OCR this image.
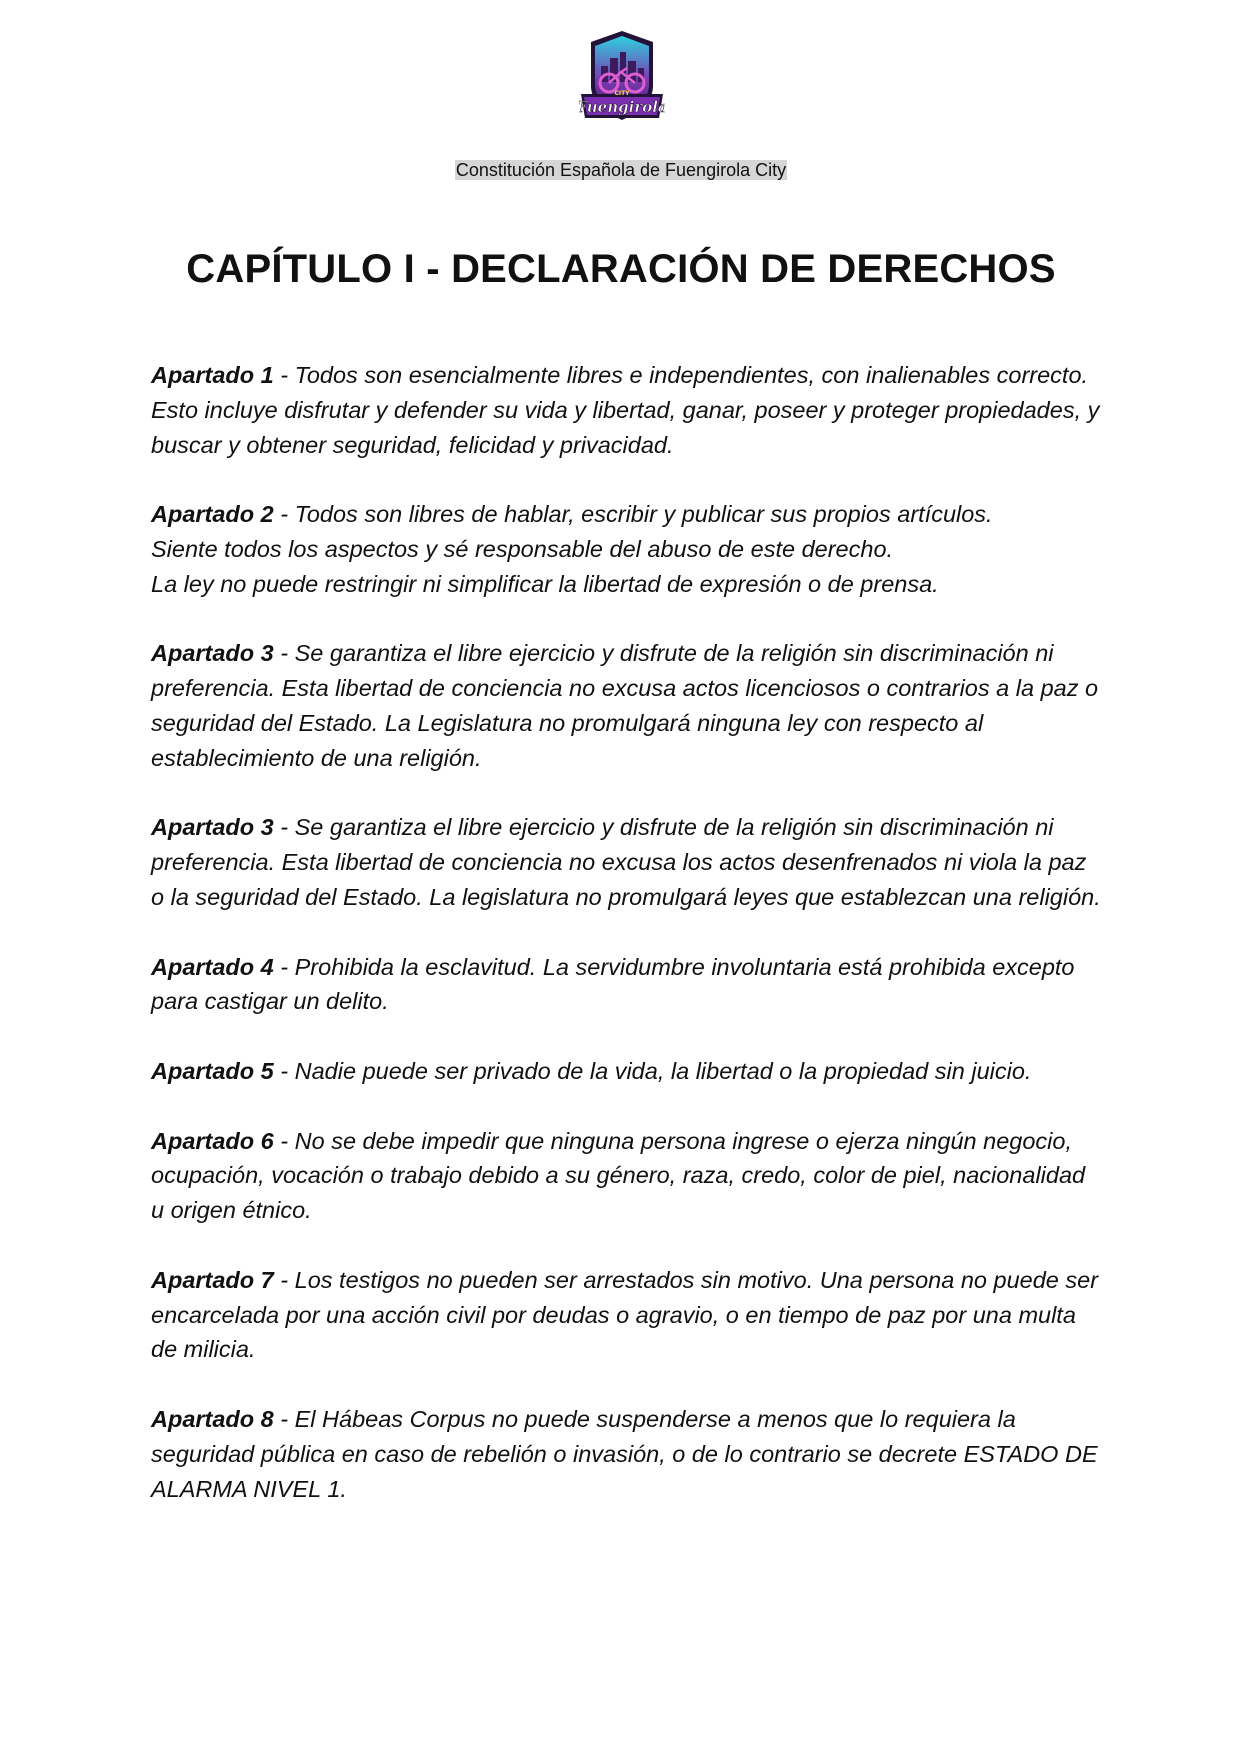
CITY
Fuengirola
Constitución Española de Fuengirola City
CAPÍTULO I - DECLARACIÓN DE DERECHOS

Apartado 1 - Todos son esencialmente libres e independientes, con inalienables correcto. Esto incluye disfrutar y defender su vida y libertad, ganar, poseer y proteger propiedades, y buscar y obtener seguridad, felicidad y privacidad.

Apartado 2 - Todos son libres de hablar, escribir y publicar sus propios artículos.
Siente todos los aspectos y sé responsable del abuso de este derecho.
La ley no puede restringir ni simplificar la libertad de expresión o de prensa.

Apartado 3 - Se garantiza el libre ejercicio y disfrute de la religión sin discriminación ni preferencia. Esta libertad de conciencia no excusa actos licenciosos o contrarios a la paz o seguridad del Estado. La Legislatura no promulgará ninguna ley con respecto al establecimiento de una religión.

Apartado 3 - Se garantiza el libre ejercicio y disfrute de la religión sin discriminación ni preferencia. Esta libertad de conciencia no excusa los actos desenfrenados ni viola la paz o la seguridad del Estado. La legislatura no promulgará leyes que establezcan una religión.

Apartado 4 - Prohibida la esclavitud. La servidumbre involuntaria está prohibida excepto para castigar un delito.

Apartado 5 - Nadie puede ser privado de la vida, la libertad o la propiedad sin juicio.

Apartado 6 - No se debe impedir que ninguna persona ingrese o ejerza ningún negocio, ocupación, vocación o trabajo debido a su género, raza, credo, color de piel, nacionalidad u origen étnico.

Apartado 7 - Los testigos no pueden ser arrestados sin motivo. Una persona no puede ser encarcelada por una acción civil por deudas o agravio, o en tiempo de paz por una multa de milicia.

Apartado 8 - El Hábeas Corpus no puede suspenderse a menos que lo requiera la seguridad pública en caso de rebelión o invasión, o de lo contrario se decrete ESTADO DE ALARMA NIVEL 1.
